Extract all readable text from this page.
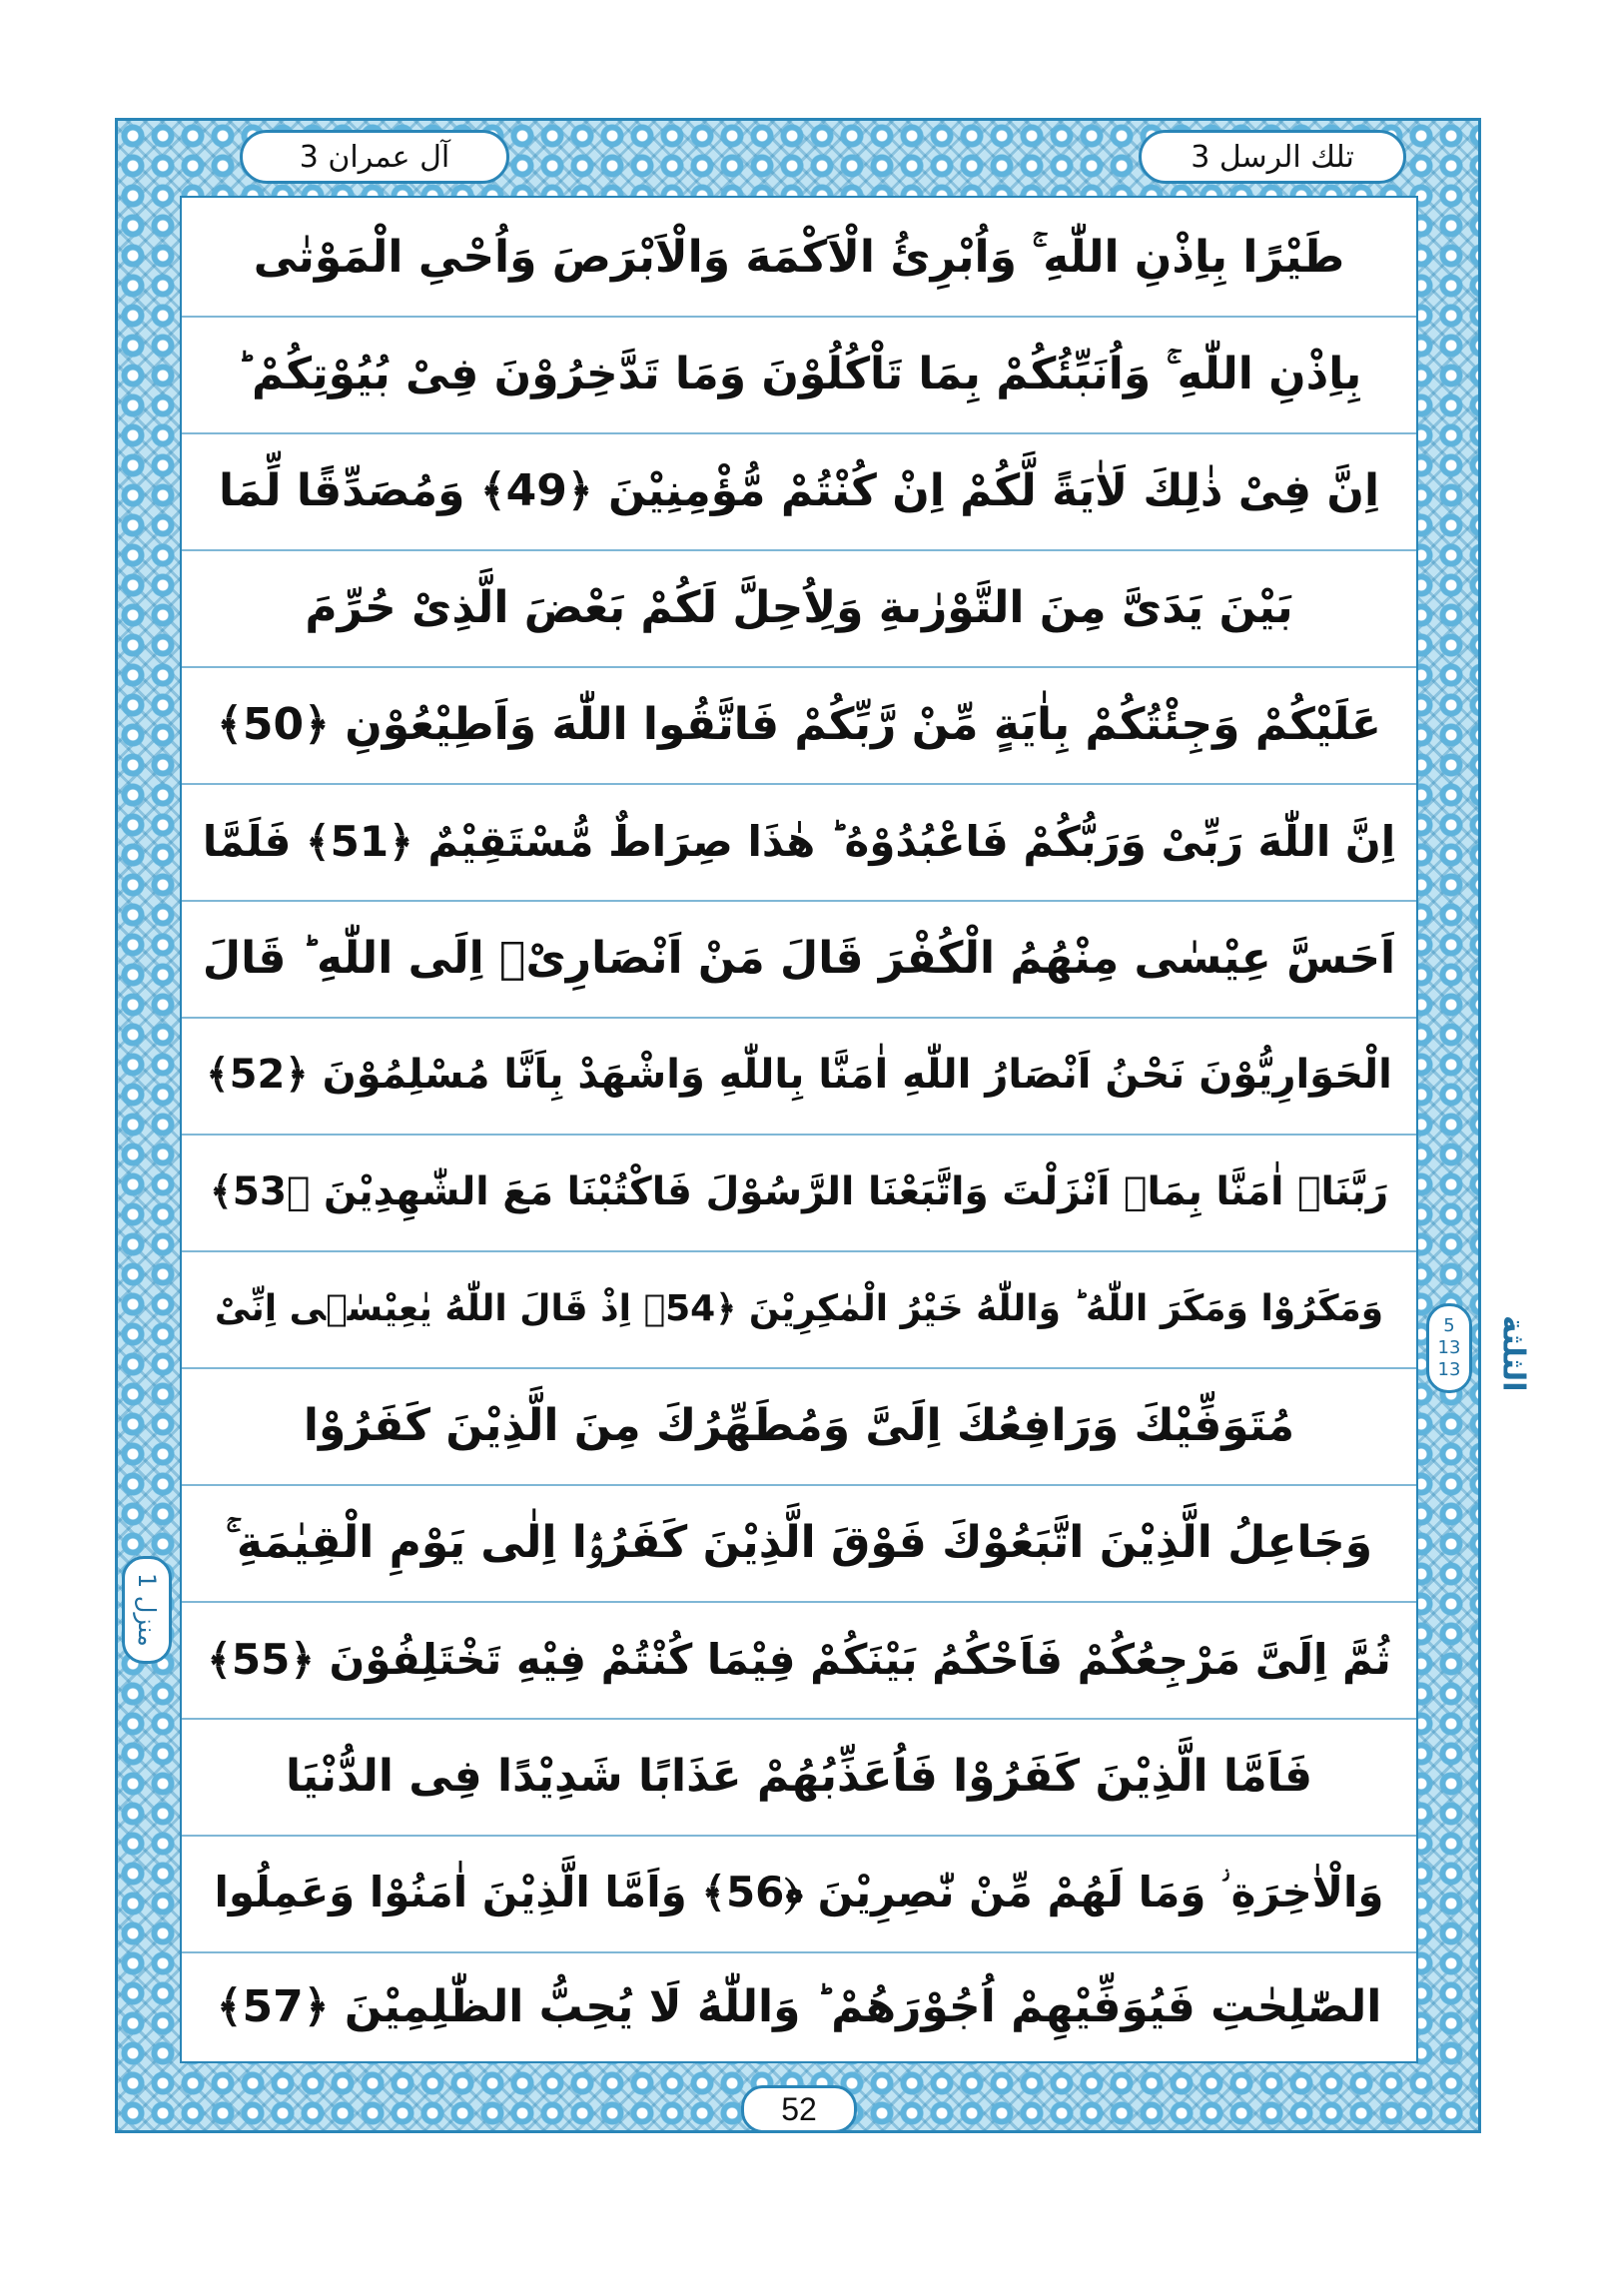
آل عمران 3	تلك الرسل 3
طَيْرًا بِاِذْنِ اللّٰهِ ۚ وَاُبْرِئُ الْاَكْمَهَ وَالْاَبْرَصَ وَاُحْیِ الْمَوْتٰی
بِاِذْنِ اللّٰهِ ۚ وَاُنَبِّئُكُمْ بِمَا تَاْكُلُوْنَ وَمَا تَدَّخِرُوْنَ فِیْ بُیُوْتِكُمْ ؕ
اِنَّ فِیْ ذٰلِكَ لَاٰیَةً لَّكُمْ اِنْ كُنْتُمْ مُّؤْمِنِیْنَ ﴿49﴾ وَمُصَدِّقًا لِّمَا
بَیْنَ یَدَیَّ مِنَ التَّوْرٰىةِ وَلِاُحِلَّ لَكُمْ بَعْضَ الَّذِیْ حُرِّمَ
عَلَیْكُمْ وَجِئْتُكُمْ بِاٰیَةٍ مِّنْ رَّبِّكُمْ فَاتَّقُوا اللّٰهَ وَاَطِیْعُوْنِ ﴿50﴾
اِنَّ اللّٰهَ رَبِّیْ وَرَبُّكُمْ فَاعْبُدُوْهُ ؕ هٰذَا صِرَاطٌ مُّسْتَقِیْمٌ ﴿51﴾ فَلَمَّا
اَحَسَّ عِیْسٰی مِنْهُمُ الْكُفْرَ قَالَ مَنْ اَنْصَارِیْۤ اِلَى اللّٰهِ ؕ قَالَ
الْحَوَارِیُّوْنَ نَحْنُ اَنْصَارُ اللّٰهِ اٰمَنَّا بِاللّٰهِ وَاشْهَدْ بِاَنَّا مُسْلِمُوْنَ ﴿52﴾
رَبَّنَاۤ اٰمَنَّا بِمَاۤ اَنْزَلْتَ وَاتَّبَعْنَا الرَّسُوْلَ فَاكْتُبْنَا مَعَ الشّٰهِدِیْنَ ﴿53﴾
وَمَكَرُوْا وَمَكَرَ اللّٰهُ ؕ وَاللّٰهُ خَیْرُ الْمٰكِرِیْنَ ﴿54﴾ اِذْ قَالَ اللّٰهُ یٰعِیْسٰۤی اِنِّیْ
مُتَوَفِّیْكَ وَرَافِعُكَ اِلَیَّ وَمُطَهِّرُكَ مِنَ الَّذِیْنَ كَفَرُوْا
وَجَاعِلُ الَّذِیْنَ اتَّبَعُوْكَ فَوْقَ الَّذِیْنَ كَفَرُوْۤا اِلٰی یَوْمِ الْقِیٰمَةِ ۚ
ثُمَّ اِلَیَّ مَرْجِعُكُمْ فَاَحْكُمُ بَیْنَكُمْ فِیْمَا كُنْتُمْ فِیْهِ تَخْتَلِفُوْنَ ﴿55﴾
فَاَمَّا الَّذِیْنَ كَفَرُوْا فَاُعَذِّبُهُمْ عَذَابًا شَدِیْدًا فِی الدُّنْیَا
وَالْاٰخِرَةِ ؗ وَمَا لَهُمْ مِّنْ نّٰصِرِیْنَ ﴿56﴾ وَاَمَّا الَّذِیْنَ اٰمَنُوْا وَعَمِلُوا
الصّٰلِحٰتِ فَیُوَفِّیْهِمْ اُجُوْرَهُمْ ؕ وَاللّٰهُ لَا یُحِبُّ الظّٰلِمِیْنَ ﴿57﴾
5
13
13 الثلثة
منزل 1
52
